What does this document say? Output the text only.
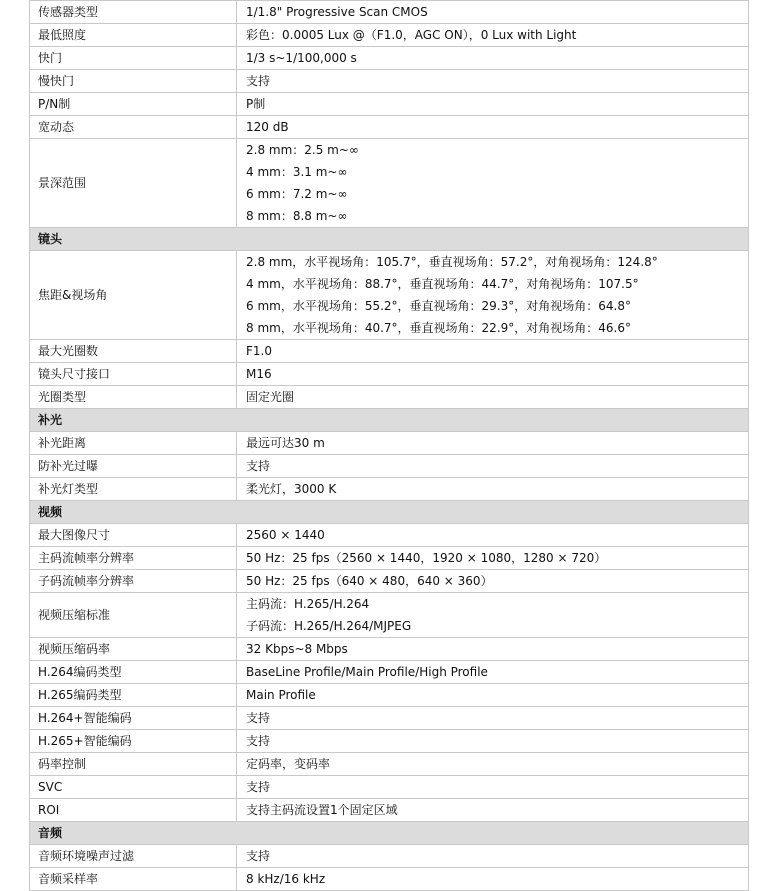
传感器类型	1/1.8" Progressive Scan CMOS
最低照度	彩色：0.0005 Lux @（F1.0，AGC ON），0 Lux with Light
快门	1/3 s~1/100,000 s
慢快门	支持
P/N制	P制
宽动态	120 dB
景深范围	2.8 mm：2.5 m~∞
4 mm：3.1 m~∞
6 mm：7.2 m~∞
8 mm：8.8 m~∞

镜头	
焦距&视场角	2.8 mm，水平视场角：105.7°，垂直视场角：57.2°，对角视场角：124.8°
4 mm，水平视场角：88.7°，垂直视场角：44.7°，对角视场角：107.5°
6 mm，水平视场角：55.2°，垂直视场角：29.3°，对角视场角：64.8°
8 mm，水平视场角：40.7°，垂直视场角：22.9°，对角视场角：46.6°

最大光圈数	F1.0
镜头尺寸接口	M16
光圈类型	固定光圈
补光	
补光距离	最远可达30 m
防补光过曝	支持
补光灯类型	柔光灯，3000 K
视频	
最大图像尺寸	2560 × 1440
主码流帧率分辨率	50 Hz：25 fps（2560 × 1440，1920 × 1080，1280 × 720）
子码流帧率分辨率	50 Hz：25 fps（640 × 480，640 × 360）
视频压缩标准	主码流：H.265/H.264
子码流：H.265/H.264/MJPEG

视频压缩码率	32 Kbps~8 Mbps
H.264编码类型	BaseLine Profile/Main Profile/High Profile
H.265编码类型	Main Profile
H.264+智能编码	支持
H.265+智能编码	支持
码率控制	定码率，变码率
SVC	支持
ROI	支持主码流设置1个固定区域
音频	
音频环境噪声过滤	支持
音频采样率	8 kHz/16 kHz
